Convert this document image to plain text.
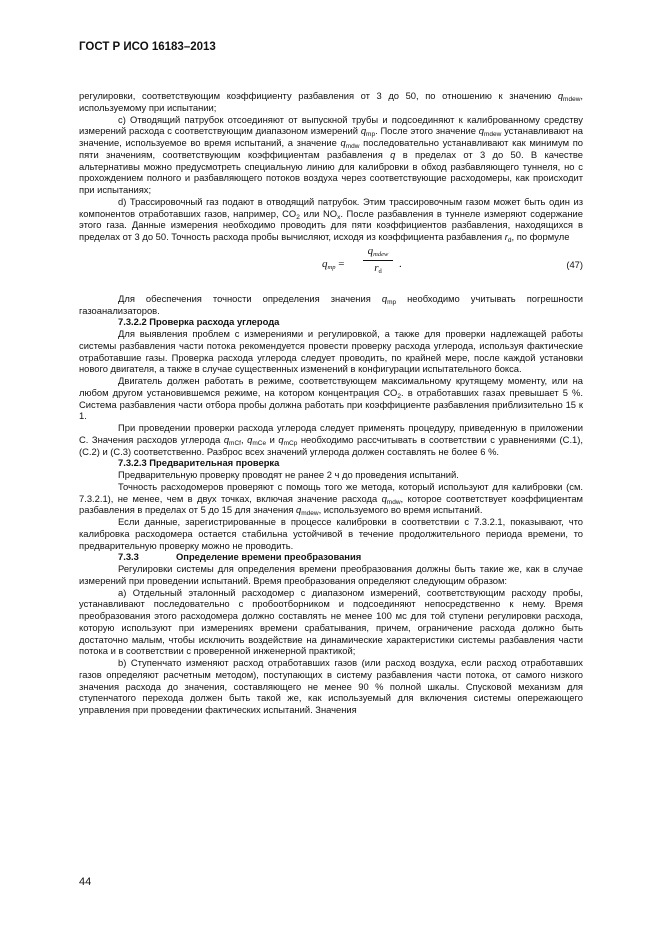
ГОСТ Р ИСО 16183–2013

регулировки, соответствующим коэффициенту разбавления от 3 до 50, по отношению к значению $q_{mdew}$, используемому при испытании;

с) Отводящий патрубок отсоединяют от выпускной трубы и подсоединяют к калиброванному средству измерений расхода с соответствующим диапазоном измерений $q_{mp}$. После этого значение $q_{mdew}$ устанавливают на значение, используемое во время испытаний, а значение $q_{mdw}$ последовательно устанавливают как минимум по пяти значениям, соответствующим коэффициентам разбавления q в пределах от 3 до 50. В качестве альтернативы можно предусмотреть специальную линию для калибровки в обход разбавляющего туннеля, но с прохождением полного и разбавляющего потоков воздуха через соответствующие расходомеры, как происходит при испытаниях;

d) Трассировочный газ подают в отводящий патрубок. Этим трассировочным газом может быть один из компонентов отработавших газов, например, $CO_2$ или $NO_x$. После разбавления в туннеле измеряют содержание этого газа. Данные измерения необходимо проводить для пяти коэффициентов разбавления, находящихся в пределах от 3 до 50. Точность расхода пробы вычисляют, исходя из коэффициента разбавления $r_d$, по формуле

$q_{mp}$ =
$q_{mdew}$
$r_d$
.	(47)

Для обеспечения точности определения значения $q_{mp}$ необходимо учитывать погрешности газоанализаторов.

7.3.2.2 Проверка расхода углерода

Для выявления проблем с измерениями и регулировкой, а также для проверки надлежащей работы системы разбавления части потока рекомендуется провести проверку расхода углерода, используя фактические отработавшие газы. Проверка расхода углерода следует проводить, по крайней мере, после каждой установки нового двигателя, а также в случае существенных изменений в конфигурации испытательного бокса.

Двигатель должен работать в режиме, соответствующем максимальному крутящему моменту, или на любом другом установившемся режиме, на котором концентрация $CO_2$. в отработавших газах превышает 5 %. Система разбавления части отбора пробы должна работать при коэффициенте разбавления приблизительно 15 к 1.

При проведении проверки расхода углерода следует применять процедуру, приведенную в приложении С. Значения расходов углерода $q_{mCf}$, $q_{mCe}$ и $q_{mCp}$ необходимо рассчитывать в соответствии с уравнениями (С.1), (С.2) и (С.3) соответственно. Разброс всех значений углерода должен составлять не более 6 %.

7.3.2.3 Предварительная проверка

Предварительную проверку проводят не ранее 2 ч до проведения испытаний.

Точность расходомеров проверяют с помощь того же метода, который используют для калибровки (см. 7.3.2.1), не менее, чем в двух точках, включая значение расхода $q_{mdw}$, которое соответствует коэффициентам разбавления в пределах от 5 до 15 для значения $q_{mdew}$, используемого во время испытаний.

Если данные, зарегистрированные в процессе калибровки в соответствии с 7.3.2.1, показывают, что калибровка расходомера остается стабильна устойчивой в течение продолжительного периода времени, то предварительную проверку можно не проводить.

7.3.3	Определение времени преобразования

Регулировки системы для определения времени преобразования должны быть такие же, как в случае измерений при проведении испытаний. Время преобразования определяют следующим образом:

а) Отдельный эталонный расходомер с диапазоном измерений, соответствующим расходу пробы, устанавливают последовательно с пробоотборником и подсоединяют непосредственно к нему. Время преобразования этого расходомера должно составлять не менее 100 мс для той ступени регулировки расхода, которую используют при измерениях времени срабатывания, причем, ограничение расхода должно быть достаточно малым, чтобы исключить воздействие на динамические характеристики системы разбавления части потока и в соответствии с проверенной инженерной практикой;

b) Ступенчато изменяют расход отработавших газов (или расход воздуха, если расход отработавших газов определяют расчетным методом), поступающих в систему разбавления части потока, от самого низкого значения расхода до значения, составляющего не менее 90 % полной шкалы. Спусковой механизм для ступенчатого перехода должен быть такой же, как используемый для включения системы опережающего управления при проведении фактических испытаний. Значения

44
